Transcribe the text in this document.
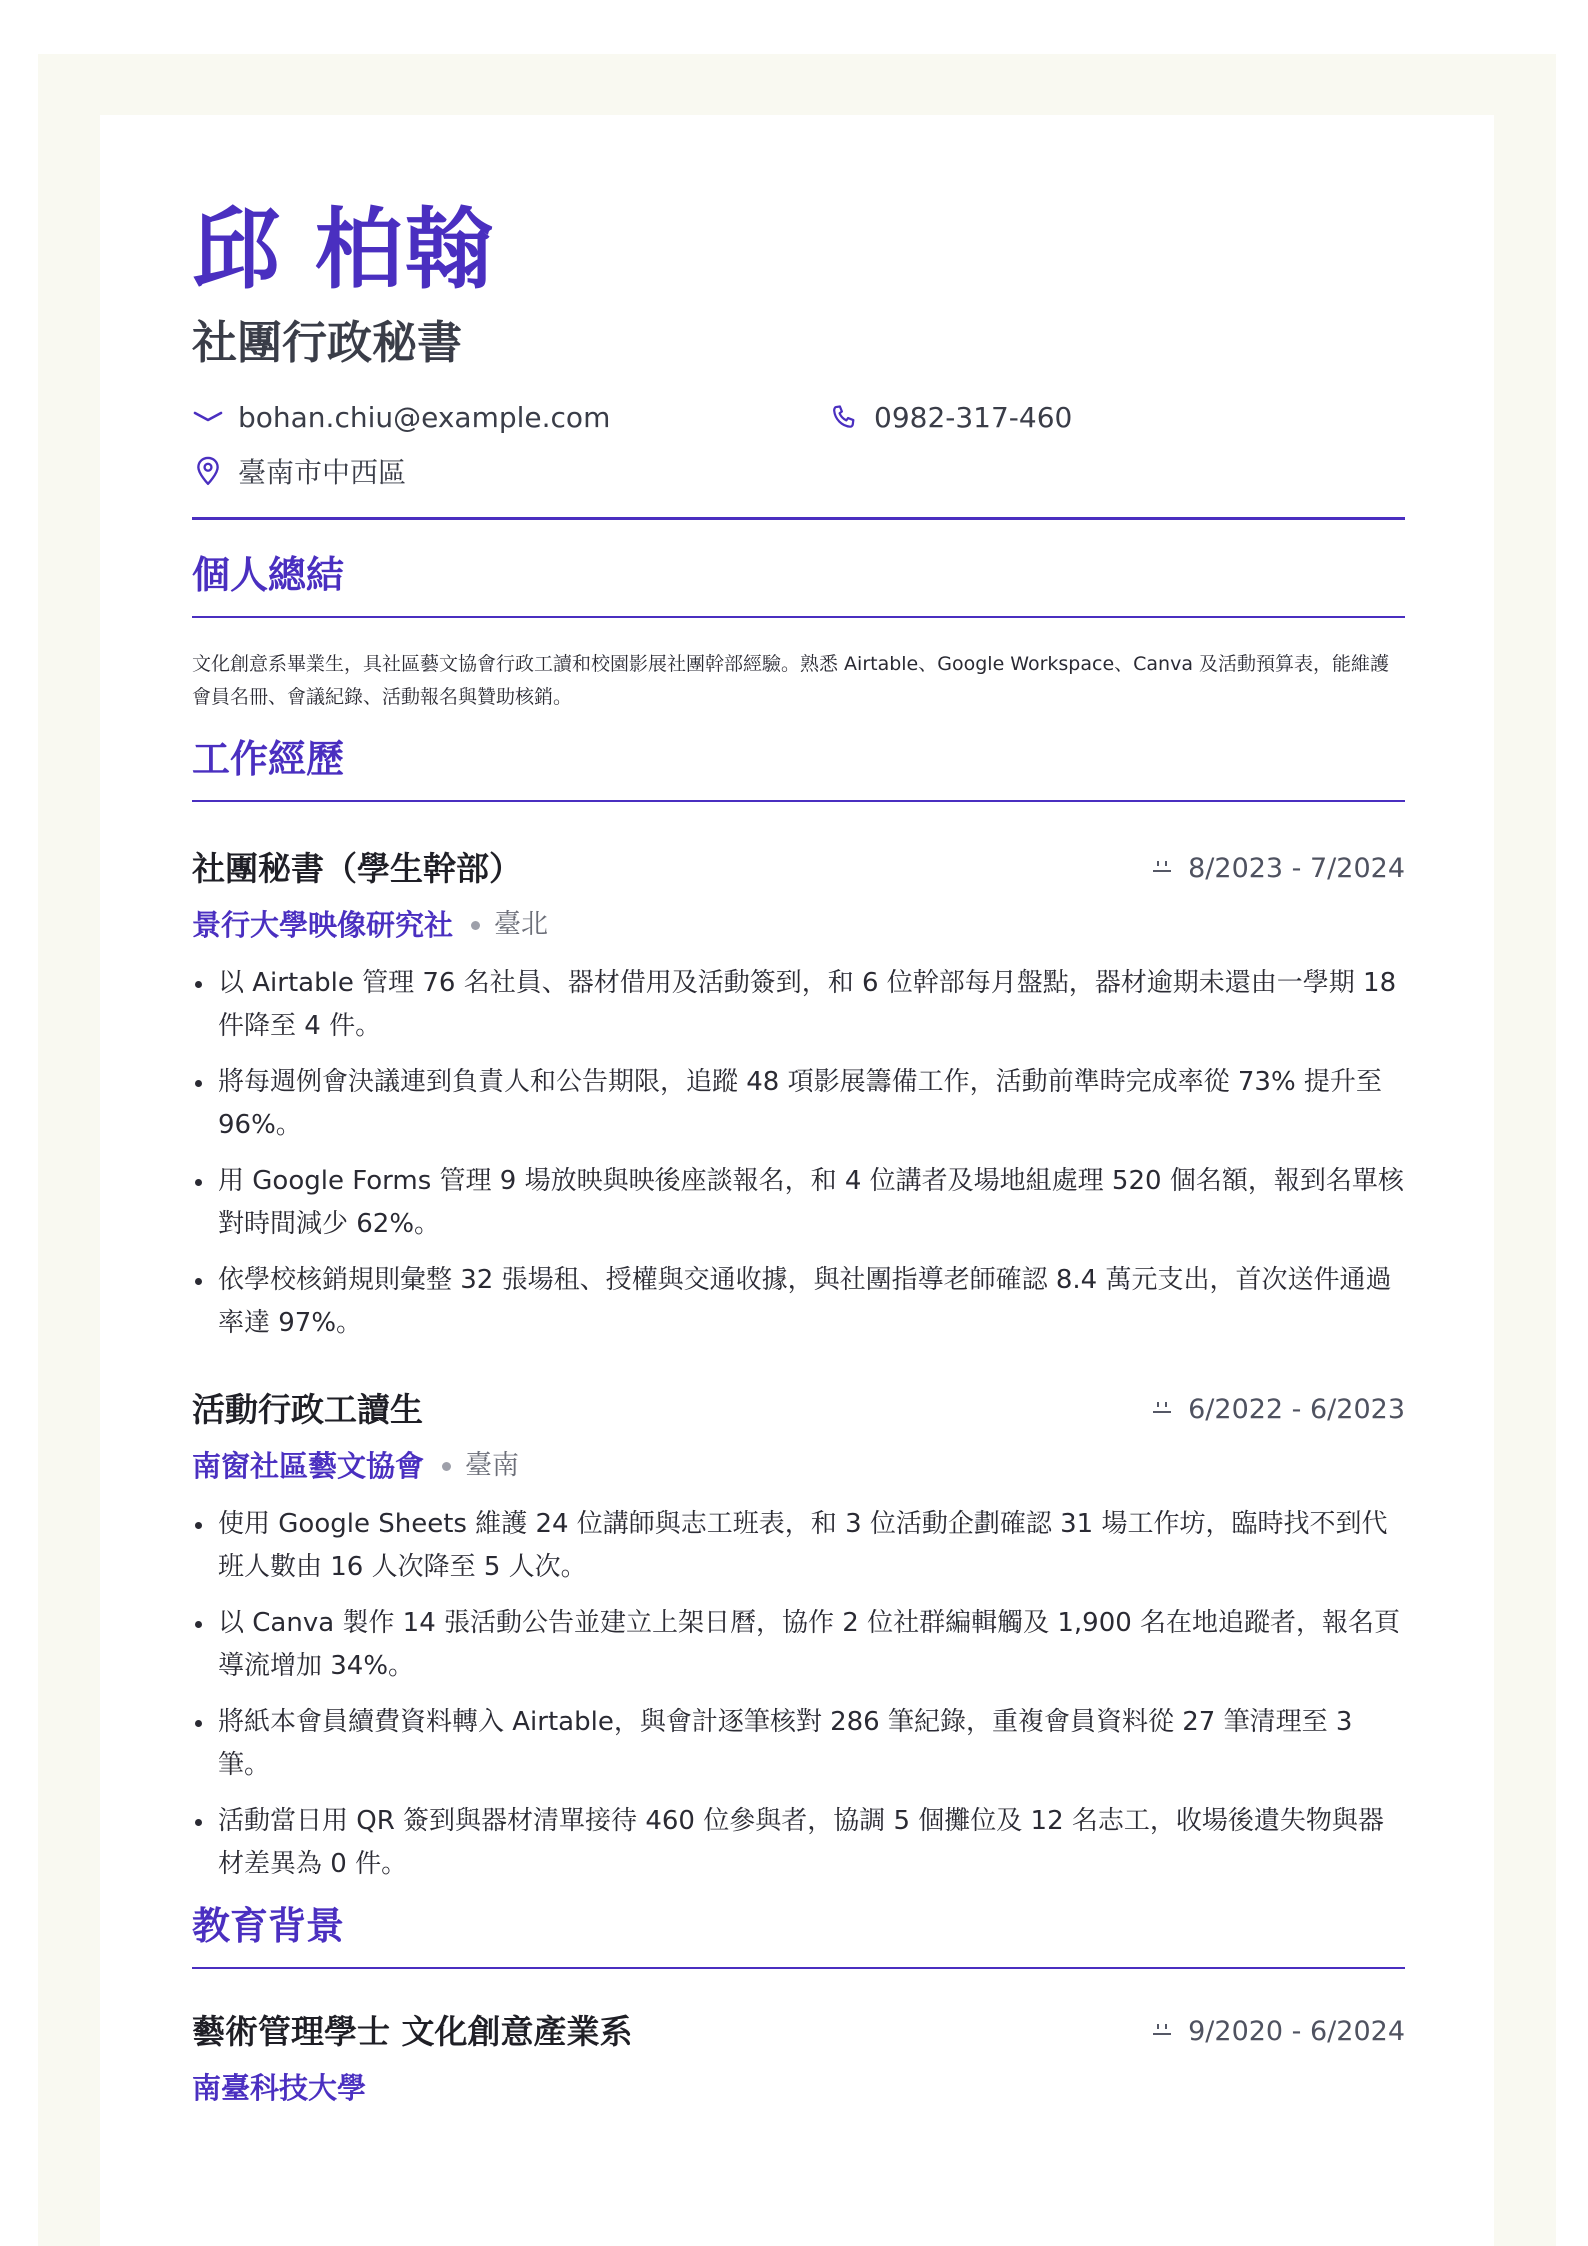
邱 柏翰
社團行政秘書
bohan.chiu@example.com	0982-317-460
臺南市中西區
個人總結

文化創意系畢業生，具社區藝文協會行政工讀和校園影展社團幹部經驗。熟悉 Airtable、Google Workspace、Canva 及活動預算表，能維護會員名冊、會議紀錄、活動報名與贊助核銷。

工作經歷
社團秘書（學生幹部）	8/2023 - 7/2024
景行大學映像研究社 臺北
以 Airtable 管理 76 名社員、器材借用及活動簽到，和 6 位幹部每月盤點，器材逾期未還由一學期 18 件降至 4 件。
將每週例會決議連到負責人和公告期限，追蹤 48 項影展籌備工作，活動前準時完成率從 73% 提升至 96%。
用 Google Forms 管理 9 場放映與映後座談報名，和 4 位講者及場地組處理 520 個名額，報到名單核對時間減少 62%。
依學校核銷規則彙整 32 張場租、授權與交通收據，與社團指導老師確認 8.4 萬元支出，首次送件通過率達 97%。
活動行政工讀生	6/2022 - 6/2023
南窗社區藝文協會 臺南
使用 Google Sheets 維護 24 位講師與志工班表，和 3 位活動企劃確認 31 場工作坊，臨時找不到代班人數由 16 人次降至 5 人次。
以 Canva 製作 14 張活動公告並建立上架日曆，協作 2 位社群編輯觸及 1,900 名在地追蹤者，報名頁導流增加 34%。
將紙本會員續費資料轉入 Airtable，與會計逐筆核對 286 筆紀錄，重複會員資料從 27 筆清理至 3 筆。
活動當日用 QR 簽到與器材清單接待 460 位參與者，協調 5 個攤位及 12 名志工，收場後遺失物與器材差異為 0 件。
教育背景
藝術管理學士 文化創意產業系	9/2020 - 6/2024
南臺科技大學
